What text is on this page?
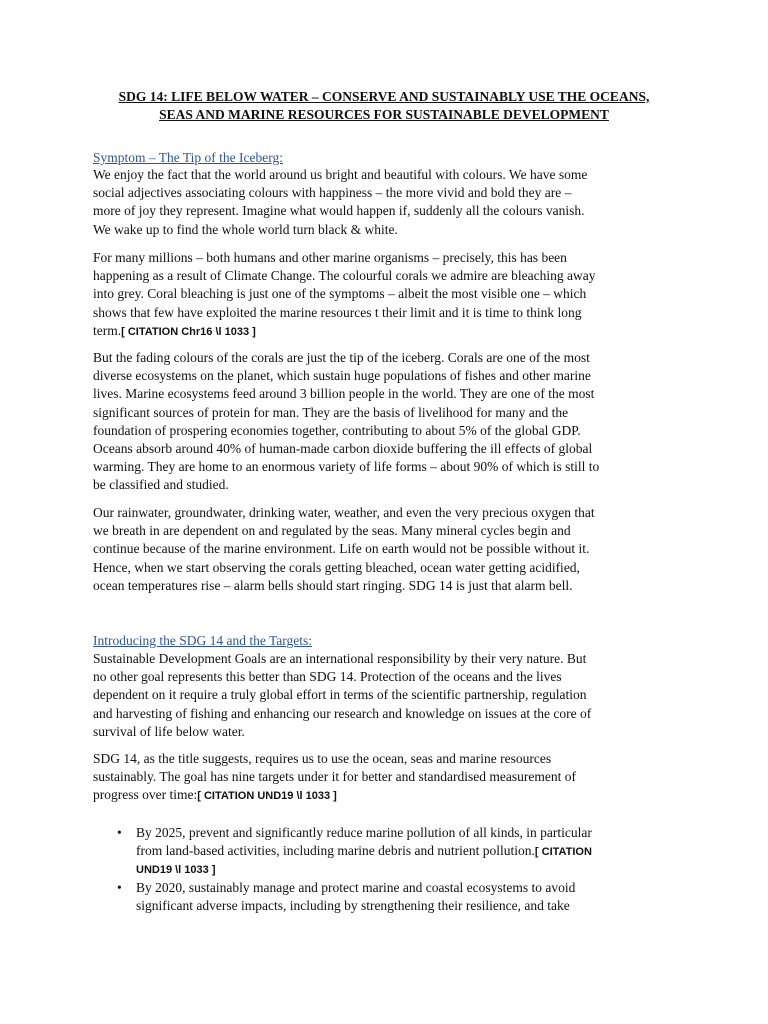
SDG 14: LIFE BELOW WATER – CONSERVE AND SUSTAINABLY USE THE OCEANS,
SEAS AND MARINE RESOURCES FOR SUSTAINABLE DEVELOPMENT
Symptom – The Tip of the Iceberg:

We enjoy the fact that the world around us bright and beautiful with colours. We have some
social adjectives associating colours with happiness – the more vivid and bold they are –
more of joy they represent. Imagine what would happen if, suddenly all the colours vanish.
We wake up to find the whole world turn black & white.

For many millions – both humans and other marine organisms – precisely, this has been
happening as a result of Climate Change. The colourful corals we admire are bleaching away
into grey. Coral bleaching is just one of the symptoms – albeit the most visible one – which
shows that few have exploited the marine resources t their limit and it is time to think long
term.[ CITATION Chr16 \l 1033 ]

But the fading colours of the corals are just the tip of the iceberg. Corals are one of the most
diverse ecosystems on the planet, which sustain huge populations of fishes and other marine
lives. Marine ecosystems feed around 3 billion people in the world. They are one of the most
significant sources of protein for man. They are the basis of livelihood for many and the
foundation of prospering economies together, contributing to about 5% of the global GDP.
Oceans absorb around 40% of human-made carbon dioxide buffering the ill effects of global
warming. They are home to an enormous variety of life forms – about 90% of which is still to
be classified and studied.

Our rainwater, groundwater, drinking water, weather, and even the very precious oxygen that
we breath in are dependent on and regulated by the seas. Many mineral cycles begin and
continue because of the marine environment. Life on earth would not be possible without it.
Hence, when we start observing the corals getting bleached, ocean water getting acidified,
ocean temperatures rise – alarm bells should start ringing. SDG 14 is just that alarm bell.

Introducing the SDG 14 and the Targets:

Sustainable Development Goals are an international responsibility by their very nature. But
no other goal represents this better than SDG 14. Protection of the oceans and the lives
dependent on it require a truly global effort in terms of the scientific partnership, regulation
and harvesting of fishing and enhancing our research and knowledge on issues at the core of
survival of life below water.

SDG 14, as the title suggests, requires us to use the ocean, seas and marine resources
sustainably. The goal has nine targets under it for better and standardised measurement of
progress over time:[ CITATION UND19 \l 1033 ]

• By 2025, prevent and significantly reduce marine pollution of all kinds, in particular
from land-based activities, including marine debris and nutrient pollution.[ CITATION
UND19 \l 1033 ]
• By 2020, sustainably manage and protect marine and coastal ecosystems to avoid
significant adverse impacts, including by strengthening their resilience, and take
